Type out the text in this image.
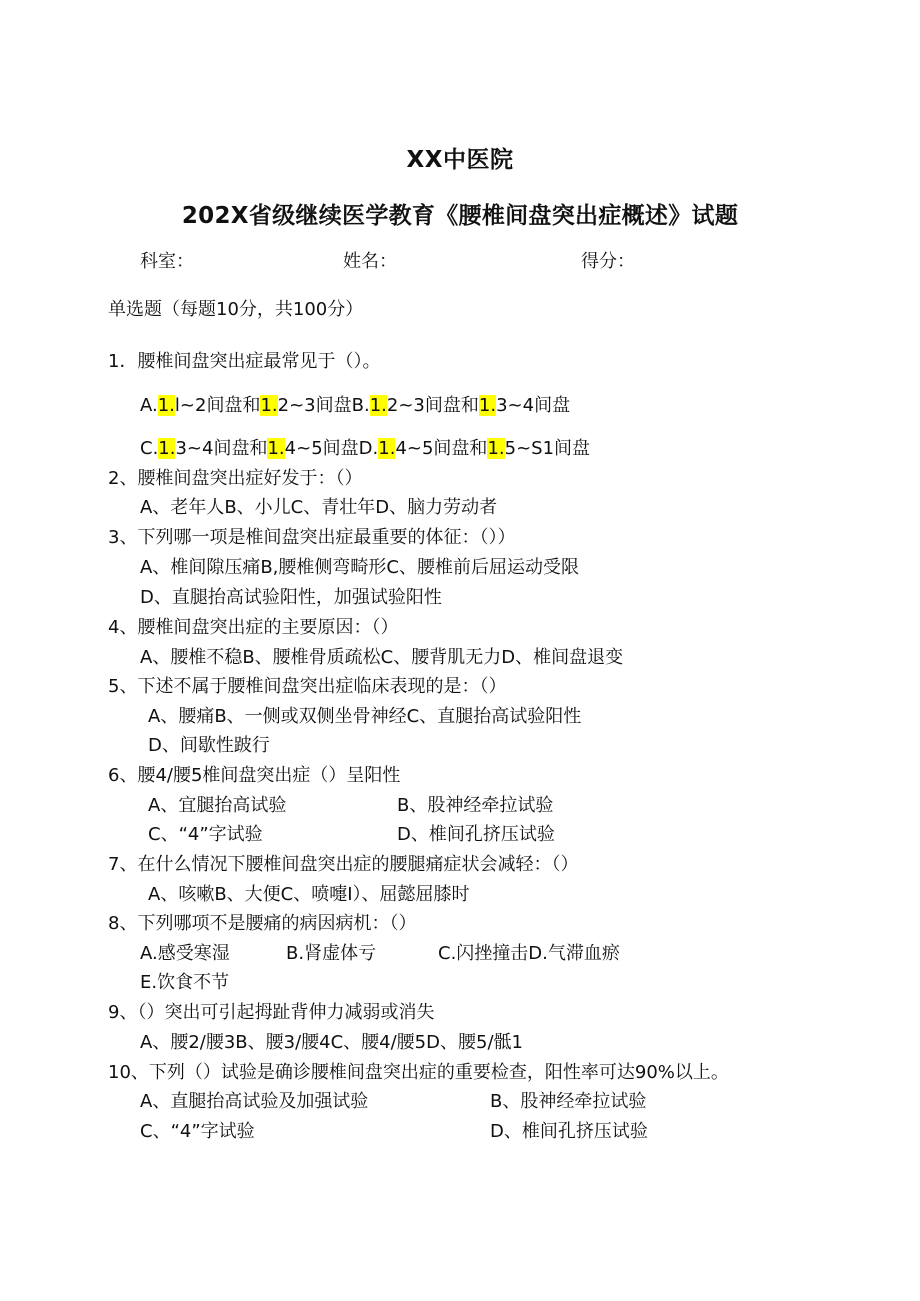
XX中医院
202X省级继续医学教育《腰椎间盘突出症概述》试题
科室：	姓名：	得分：
单选题（每题10分，共100分）
1．腰椎间盘突出症最常见于（）。
A.1.l~2间盘和1.2~3间盘B.1.2~3间盘和1.3~4间盘
C.1.3~4间盘和1.4~5间盘D.1.4~5间盘和1.5~S1间盘
2、腰椎间盘突出症好发于：（）
A、老年人B、小儿C、青壮年D、脑力劳动者
3、下列哪一项是椎间盘突出症最重要的体征：（））
A、椎间隙压痛B,腰椎侧弯畸形C、腰椎前后屈运动受限
D、直腿抬高试验阳性，加强试验阳性
4、腰椎间盘突出症的主要原因：（）
A、腰椎不稳B、腰椎骨质疏松C、腰背肌无力D、椎间盘退变
5、下述不属于腰椎间盘突出症临床表现的是：（）
A、腰痛B、一侧或双侧坐骨神经C、直腿抬高试验阳性
D、间歇性跛行
6、腰4/腰5椎间盘突出症（）呈阳性
A、宜腿抬高试验	B、股神经牵拉试验
C、“4”字试验	D、椎间孔挤压试验
7、在什么情况下腰椎间盘突出症的腰腿痛症状会减轻：（）
A、咳嗽B、大便C、喷嚏I）、屈懿屈膝时
8、下列哪项不是腰痛的病因病机：（）
A.感受寒湿	B.肾虚体亏	C.闪挫撞击D.气滞血瘀
E.饮食不节
9、（）突出可引起拇趾背伸力减弱或消失
A、腰2/腰3B、腰3/腰4C、腰4/腰5D、腰5/骶1
10、下列（）试验是确诊腰椎间盘突出症的重要检查，阳性率可达90%以上。
A、直腿抬高试验及加强试验	B、股神经牵拉试验
C、“4”字试验	D、椎间孔挤压试验
